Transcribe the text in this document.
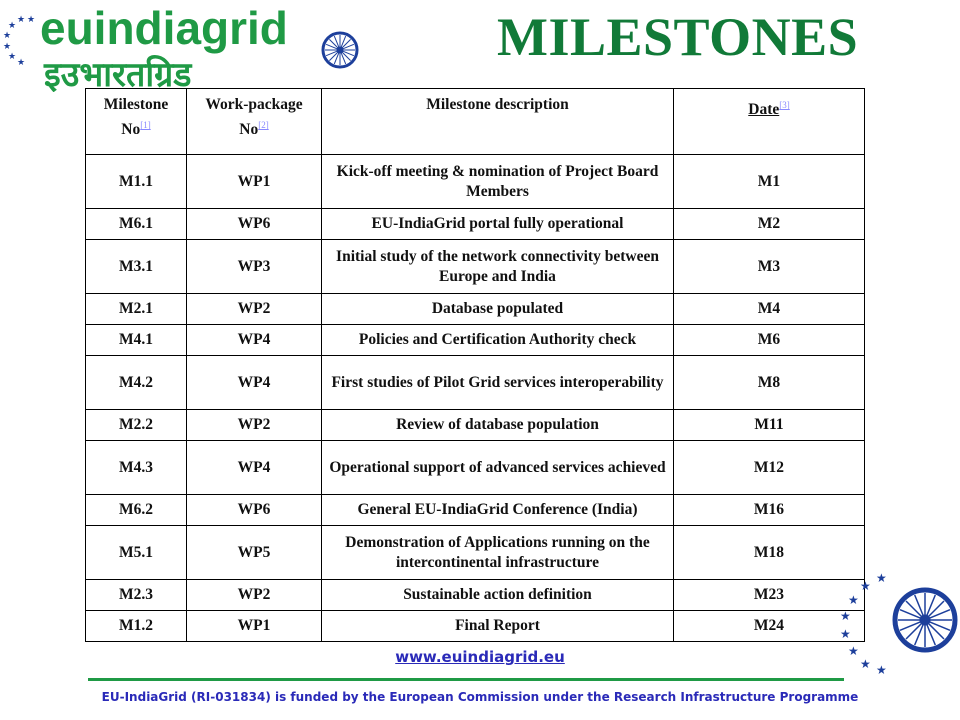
★
★
★
★
★
★
★ euindiagrid
इउभारतग्रिड
MILESTONES
Milestone No[1]	Work-package No[2]	Milestone description	Date[3]
M1.1	WP1	Kick-off meeting & nomination of Project Board Members	M1
M6.1	WP6	EU-IndiaGrid portal fully operational	M2
M3.1	WP3	Initial study of the network connectivity between Europe and India	M3
M2.1	WP2	Database populated	M4
M4.1	WP4	Policies and Certification Authority check	M6
M4.2	WP4	First studies of Pilot Grid services interoperability	M8
M2.2	WP2	Review of database population	M11
M4.3	WP4	Operational support of advanced services achieved	M12
M6.2	WP6	General EU-IndiaGrid Conference (India)	M16
M5.1	WP5	Demonstration of Applications running on the intercontinental infrastructure	M18
M2.3	WP2	Sustainable action definition	M23
M1.2	WP1	Final Report	M24
★
★
★
★
★
★
★
★
www.euindiagrid.eu
EU-IndiaGrid (RI-031834) is funded by the European Commission under the Research Infrastructure Programme
